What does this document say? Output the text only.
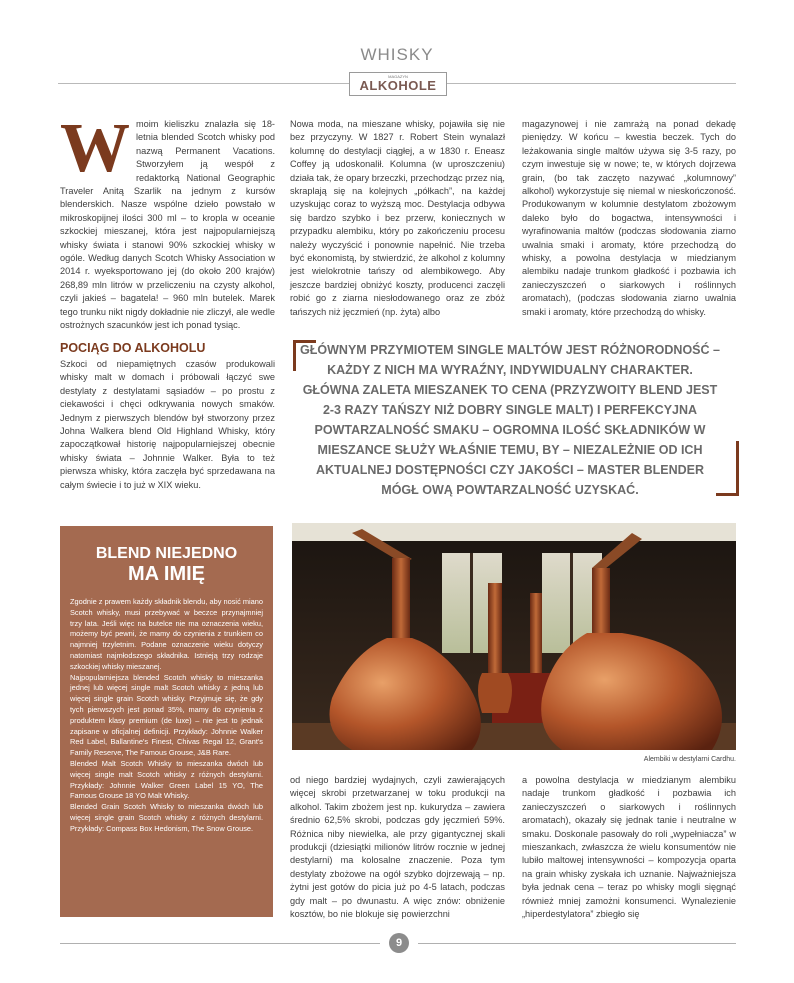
WHISKY
MAGAZYN
ALKOHOLE
W moim kieliszku znalazła się 18-letnia blended Scotch whisky pod nazwą Permanent Vacations. Stworzyłem ją wespół z redaktorką National Geographic Traveler Anitą Szarlik na jednym z kursów blenderskich. Nasze wspólne dzieło powstało w mikroskopijnej ilości 300 ml – to kropla w oceanie szkockiej mieszanej, która jest najpopularniejszą whisky świata i stanowi 90% szkockiej whisky w ogóle. Według danych Scotch Whisky Association w 2014 r. wyeksportowano jej (do około 200 krajów) 268,89 mln litrów w przeliczeniu na czysty alkohol, czyli jakieś – bagatela! – 960 mln butelek. Marek tego trunku nikt nigdy dokładnie nie zliczył, ale wedle ostrożnych szacunków jest ich ponad tysiąc.

POCIĄG DO ALKOHOLU

Szkoci od niepamiętnych czasów produkowali whisky malt w domach i próbowali łączyć swe destylaty z destylatami sąsiadów – po prostu z ciekawości i chęci odkrywania nowych smaków. Jednym z pierwszych blendów był stworzony przez Johna Walkera blend Old Highland Whisky, który zapoczątkował historię najpopularniejszej obecnie whisky świata – Johnnie Walker. Była to też pierwsza whisky, która zaczęła być sprzedawana na całym świecie i to już w XIX wieku.

Nowa moda, na mieszane whisky, pojawiła się nie bez przyczyny. W 1827 r. Robert Stein wynalazł kolumnę do destylacji ciągłej, a w 1830 r. Eneasz Coffey ją udoskonalił. Kolumna (w uproszczeniu) działa tak, że opary brzeczki, przechodząc przez nią, skraplają się na kolejnych „półkach”, na każdej uzyskując coraz to wyższą moc. Destylacja odbywa się bardzo szybko i bez przerw, koniecznych w przypadku alembiku, który po zakończeniu procesu należy wyczyścić i ponownie napełnić. Nie trzeba być ekonomistą, by stwierdzić, że alkohol z kolumny jest wielokrotnie tańszy od alembikowego. Aby jeszcze bardziej obniżyć koszty, producenci zaczęli robić go z ziarna niesłodowanego oraz ze zbóż tańszych niż jęczmień (np. żyta) albo

magazynowej i nie zamrażą na ponad dekadę pieniędzy. W końcu – kwestia beczek. Tych do leżakowania single maltów używa się 3-5 razy, po czym inwestuje się w nowe; te, w których dojrzewa grain, (bo tak zaczęto nazywać „kolumnowy” alkohol) wykorzystuje się niemal w nieskończoność. Produkowanym w kolumnie destylatom zbożowym daleko było do bogactwa, intensywności i wyrafinowania maltów (podczas słodowania ziarno uwalnia smaki i aromaty, które przechodzą do whisky, a powolna destylacja w miedzianym alembiku nadaje trunkom gładkość i pozbawia ich zanieczyszczeń o siarkowych i roślinnych aromatach), (podczas słodowania ziarno uwalnia smaki i aromaty, które przechodzą do whisky.

GŁÓWNYM PRZYMIOTEM SINGLE MALTÓW JEST RÓŻNORODNOŚĆ – KAŻDY Z NICH MA WYRAŹNY, INDYWIDUALNY CHARAKTER. GŁÓWNA ZALETA MIESZANEK TO CENA (PRZYZWOITY BLEND JEST 2-3 RAZY TAŃSZY NIŻ DOBRY SINGLE MALT) I PERFEKCYJNA POWTARZALNOŚĆ SMAKU – OGROMNA ILOŚĆ SKŁADNIKÓW W MIESZANCE SŁUŻY WŁAŚNIE TEMU, BY – NIEZALEŻNIE OD ICH AKTUALNEJ DOSTĘPNOŚCI CZY JAKOŚCI – MASTER BLENDER MÓGŁ OWĄ POWTARZALNOŚĆ UZYSKAĆ.
BLEND NIEJEDNO
MA IMIĘ

Zgodnie z prawem każdy składnik blendu, aby nosić miano Scotch whisky, musi przebywać w beczce przynajmniej trzy lata. Jeśli więc na butelce nie ma oznaczenia wieku, możemy być pewni, że mamy do czynienia z trunkiem co najmniej trzyletnim. Podane oznaczenie wieku dotyczy natomiast najmłodszego składnika. Istnieją trzy rodzaje szkockiej whisky mieszanej.

Najpopularniejsza blended Scotch whisky to mieszanka jednej lub więcej single malt Scotch whisky z jedną lub więcej single grain Scotch whisky. Przyjmuje się, że gdy tych pierwszych jest ponad 35%, mamy do czynienia z produktem klasy premium (de luxe) – nie jest to jednak zapisane w oficjalnej definicji. Przykłady: Johnnie Walker Red Label, Ballantine's Finest, Chivas Regal 12, Grant's Family Reserve, The Famous Grouse, J&B Rare.

Blended Malt Scotch Whisky to mieszanka dwóch lub więcej single malt Scotch whisky z różnych destylarni. Przykłady: Johnnie Walker Green Label 15 YO, The Famous Grouse 18 YO Malt Whisky.

Blended Grain Scotch Whisky to mieszanka dwóch lub więcej single grain Scotch whisky z różnych destylarni. Przykłady: Compass Box Hedonism, The Snow Grouse.

Alembiki w destylarni Cardhu.

od niego bardziej wydajnych, czyli zawierających więcej skrobi przetwarzanej w toku produkcji na alkohol. Takim zbożem jest np. kukurydza – zawiera średnio 62,5% skrobi, podczas gdy jęczmień 59%. Różnica niby niewielka, ale przy gigantycznej skali produkcji (dziesiątki milionów litrów rocznie w jednej destylarni) ma kolosalne znaczenie. Poza tym destylaty zbożowe na ogół szybko dojrzewają – np. żytni jest gotów do picia już po 4-5 latach, podczas gdy malt – po dwunastu. A więc znów: obniżenie kosztów, bo nie blokuje się powierzchni

a powolna destylacja w miedzianym alembiku nadaje trunkom gładkość i pozbawia ich zanieczyszczeń o siarkowych i roślinnych aromatach), okazały się jednak tanie i neutralne w smaku. Doskonale pasowały do roli „wypełniacza” w mieszankach, zwłaszcza że wielu konsumentów nie lubiło maltowej intensywności – kompozycja oparta na grain whisky zyskała ich uznanie. Najważniejsza była jednak cena – teraz po whisky mogli sięgnąć również mniej zamożni konsumenci. Wynalezienie „hiperdestylatora” zbiegło się

9
